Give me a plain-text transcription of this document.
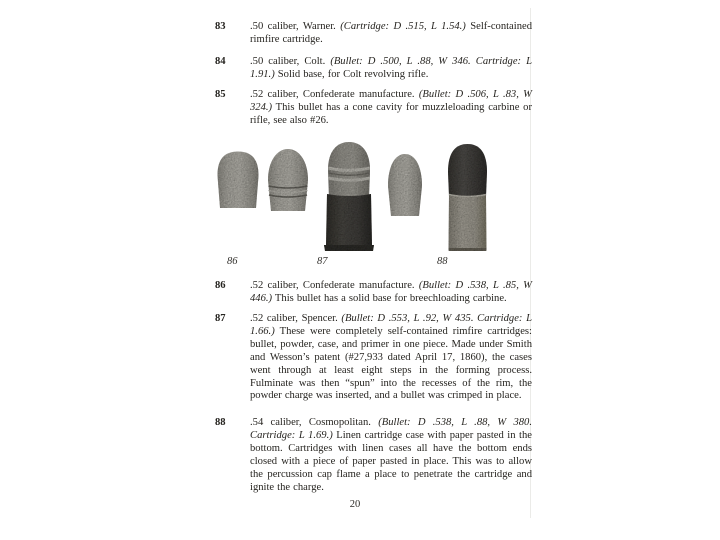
83	.50 caliber, Warner. (Cartridge: D .515, L 1.54.) Self-contained rimfire cartridge.

84	.50 caliber, Colt. (Bullet: D .500, L .88, W 346. Cartridge: L 1.91.) Solid base, for Colt revolving rifle.

85	.52 caliber, Confederate manufacture. (Bullet: D .506, L .83, W 324.) This bullet has a cone cavity for muzzleloading carbine or rifle, see also #26.

86	.52 caliber, Confederate manufacture. (Bullet: D .538, L .85, W 446.) This bullet has a solid base for breechloading carbine.

87	.52 caliber, Spencer. (Bullet: D .553, L .92, W 435. Cartridge: L 1.66.) These were completely self-contained rimfire cartridges: bullet, powder, case, and primer in one piece. Made under Smith and Wesson’s patent (#27,933 dated April 17, 1860), the cases went through at least eight steps in the forming process. Fulminate was then “spun” into the recesses of the rim, the powder charge was inserted, and a bullet was crimped in place.

88	.54 caliber, Cosmopolitan. (Bullet: D .538, L .88, W 380. Cartridge: L 1.69.) Linen cartridge case with paper pasted in the bottom. Cartridges with linen cases all have the bottom ends closed with a piece of paper pasted in place. This was to allow the percussion cap flame a place to penetrate the cartridge and ignite the charge.

86	87	88
20
